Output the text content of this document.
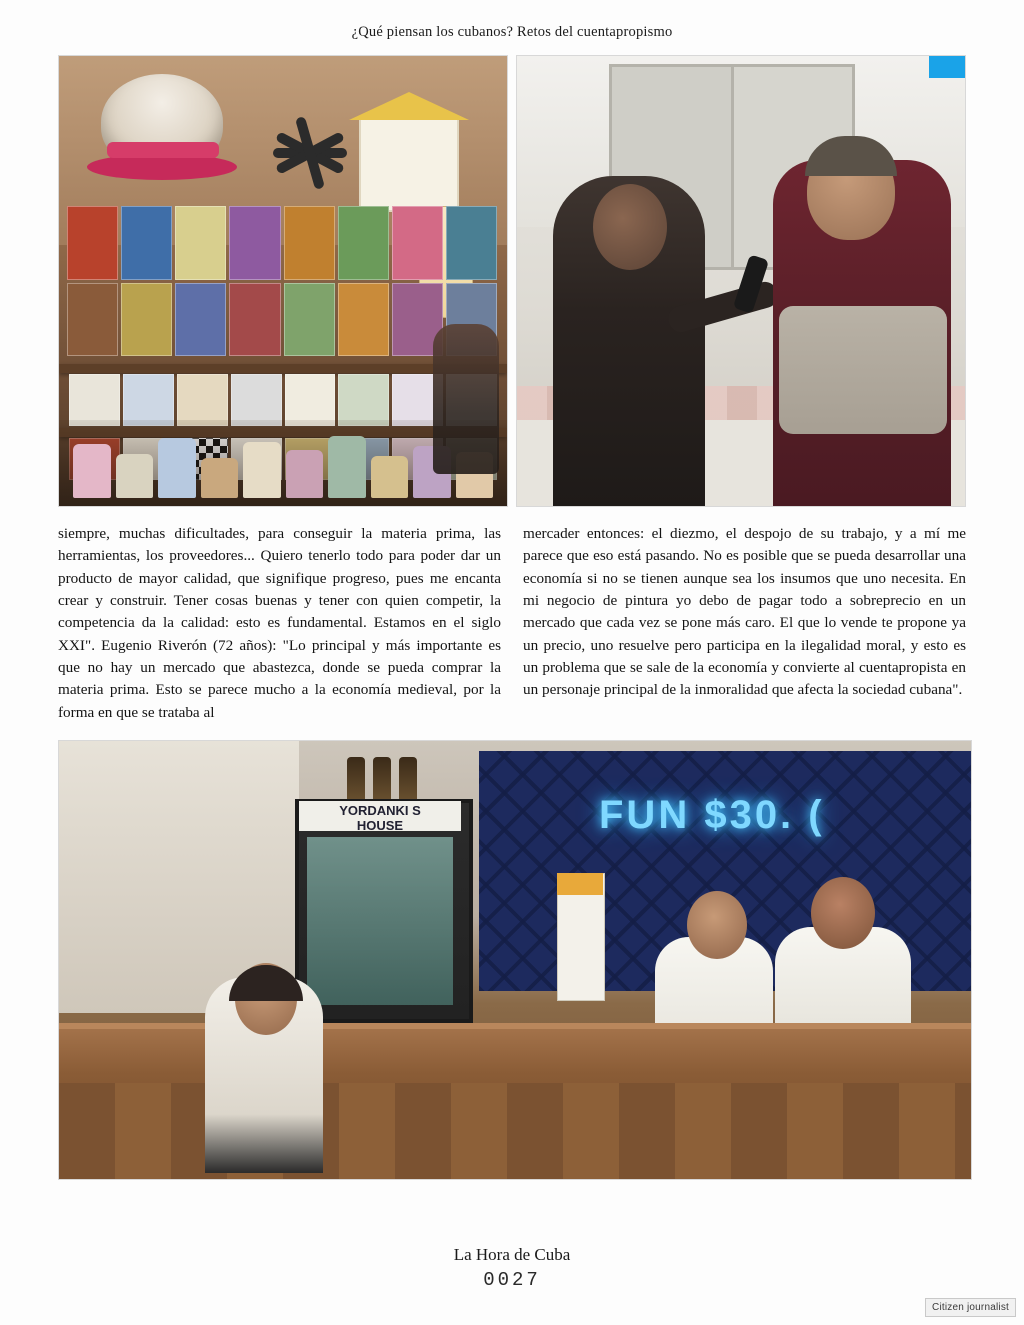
¿Qué piensan los cubanos? Retos del cuentapropismo

siempre, muchas dificultades, para conseguir la materia prima, las herramientas, los proveedores... Quiero tenerlo todo para poder dar un producto de mayor calidad, que signifique progreso, pues me encanta crear y construir. Tener cosas buenas y tener con quien competir, la competencia da la calidad: esto es fundamental. Estamos en el siglo XXI". Eugenio Riverón (72 años): "Lo principal y más importante es que no hay un mercado que abastezca, donde se pueda comprar la materia prima. Esto se parece mucho a la economía medieval, por la forma en que se trataba al

mercader entonces: el diezmo, el despojo de su trabajo, y a mí me parece que eso está pasando. No es posible que se pueda desarrollar una economía si no se tienen aunque sea los insumos que uno necesita. En mi negocio de pintura yo debo de pagar todo a sobreprecio en un mercado que cada vez se pone más caro. El que lo vende te propone ya un precio, uno resuelve pero participa en la ilegalidad moral, y esto es un problema que se sale de la economía y convierte al cuentapropista en un personaje principal de la inmoralidad que afecta la sociedad cubana".

FUN $30. (
YORDANKI S
HOUSE
La Hora de Cuba
0027
Citizen journalist
